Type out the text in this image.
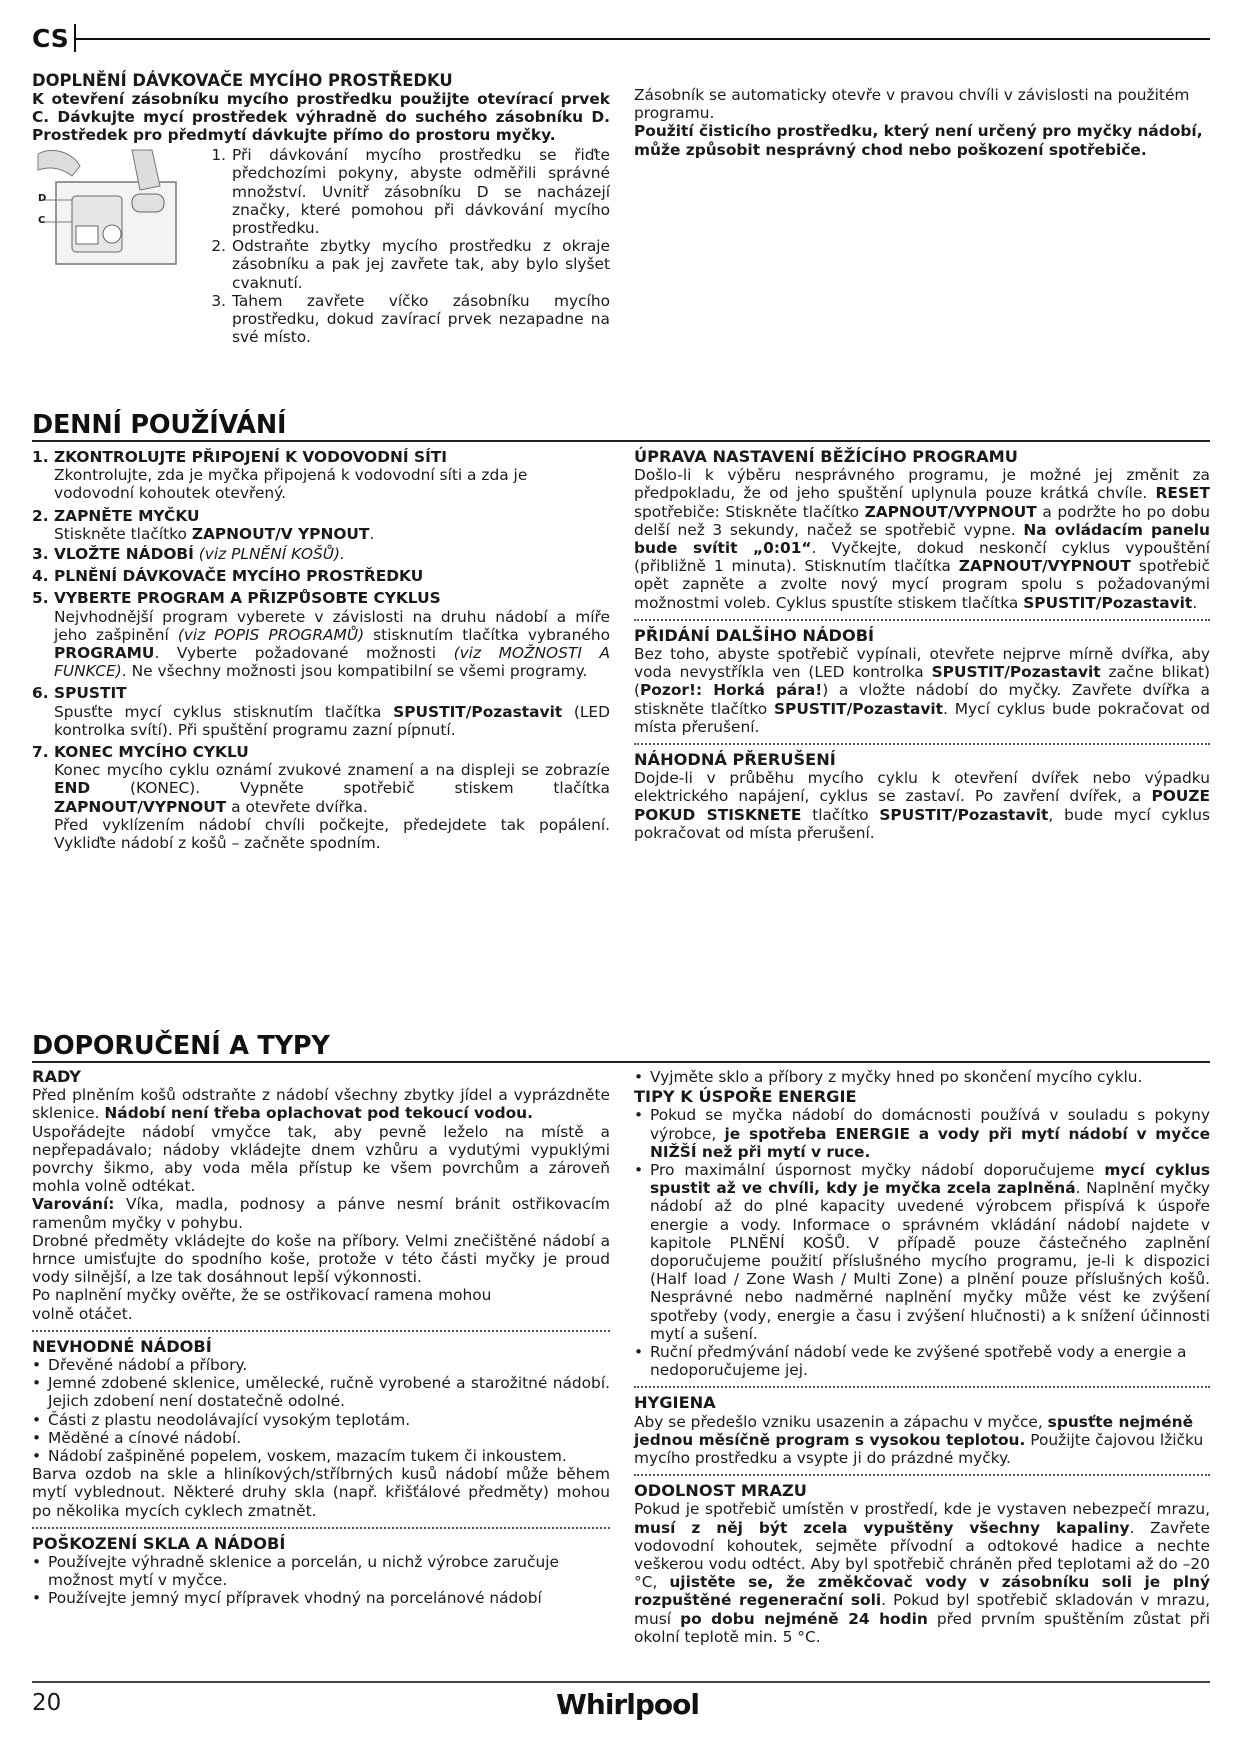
CS

DOPLNĚNÍ DÁVKOVAČE MYCÍHO PROSTŘEDKU

K otevření zásobníku mycího prostředku použijte otevírací prvek C. Dávkujte mycí prostředek výhradně do suchého zásobníku D. Prostředek pro předmytí dávkujte přímo do prostoru myčky.

D
C
1. Při dávkování mycího prostředku se řiďte předchozími pokyny, abyste odměřili správné množství. Uvnitř zásobníku D se nacházejí značky, které pomohou při dávkování mycího prostředku.
2. Odstraňte zbytky mycího prostředku z okraje zásobníku a pak jej zavřete tak, aby bylo slyšet cvaknutí.
3. Tahem zavřete víčko zásobníku mycího prostředku, dokud zavírací prvek nezapadne na své místo.

Zásobník se automaticky otevře v pravou chvíli v závislosti na použitém programu.

Použití čisticího prostředku, který není určený pro myčky nádobí, může způsobit nesprávný chod nebo poškození spotřebiče.

DENNÍ POUŽÍVÁNÍ
1. ZKONTROLUJTE PŘIPOJENÍ K VODOVODNÍ SÍTI

Zkontrolujte, zda je myčka připojená k vodovodní síti a zda je vodovodní kohoutek otevřený.

2. ZAPNĚTE MYČKU

Stiskněte tlačítko ZAPNOUT/V YPNOUT.

3. VLOŽTE NÁDOBÍ (viz PLNĚNÍ KOŠŮ).
4. PLNĚNÍ DÁVKOVAČE MYCÍHO PROSTŘEDKU
5. VYBERTE PROGRAM A PŘIZPŮSOBTE CYKLUS

Nejvhodnější program vyberete v závislosti na druhu nádobí a míře jeho zašpinění (viz POPIS PROGRAMŮ) stisknutím tlačítka vybraného PROGRAMU. Vyberte požadované možnosti (viz MOŽNOSTI A FUNKCE). Ne všechny možnosti jsou kompatibilní se všemi programy.

6. SPUSTIT

Spusťte mycí cyklus stisknutím tlačítka SPUSTIT/Pozastavit (LED kontrolka svítí). Při spuštění programu zazní pípnutí.

7. KONEC MYCÍHO CYKLU

Konec mycího cyklu oznámí zvukové znamení a na displeji se zobrazíe END (KONEC). Vypněte spotřebič stiskem tlačítka ZAPNOUT/VYPNOUT a otevřete dvířka.

Před vyklízením nádobí chvíli počkejte, předejdete tak popálení. Vykliďte nádobí z košů – začněte spodním.

ÚPRAVA NASTAVENÍ BĚŽÍCÍHO PROGRAMU

Došlo-li k výběru nesprávného programu, je možné jej změnit za předpokladu, že od jeho spuštění uplynula pouze krátká chvíle. RESET spotřebiče: Stiskněte tlačítko ZAPNOUT/VYPNOUT a podržte ho po dobu delší než 3 sekundy, načež se spotřebič vypne. Na ovládacím panelu bude svítit „0:01“. Vyčkejte, dokud neskončí cyklus vypouštění (přibližně 1 minuta). Stisknutím tlačítka ZAPNOUT/VYPNOUT spotřebič opět zapněte a zvolte nový mycí program spolu s požadovanými možnostmi voleb. Cyklus spustíte stiskem tlačítka SPUSTIT/Pozastavit.

PŘIDÁNÍ DALŠÍHO NÁDOBÍ

Bez toho, abyste spotřebič vypínali, otevřete nejprve mírně dvířka, aby voda nevystříkla ven (LED kontrolka SPUSTIT/Pozastavit začne blikat) (Pozor!: Horká pára!) a vložte nádobí do myčky. Zavřete dvířka a stiskněte tlačítko SPUSTIT/Pozastavit. Mycí cyklus bude pokračovat od místa přerušení.

NÁHODNÁ PŘERUŠENÍ

Dojde-li v průběhu mycího cyklu k otevření dvířek nebo výpadku elektrického napájení, cyklus se zastaví. Po zavření dvířek, a POUZE POKUD STISKNETE tlačítko SPUSTIT/Pozastavit, bude mycí cyklus pokračovat od místa přerušení.

DOPORUČENÍ A TYPY

RADY

Před plněním košů odstraňte z nádobí všechny zbytky jídel a vyprázdněte sklenice. Nádobí není třeba oplachovat pod tekoucí vodou.

Uspořádejte nádobí vmyčce tak, aby pevně leželo na místě a nepřepadávalo; nádoby vkládejte dnem vzhůru a vydutými vypuklými povrchy šikmo, aby voda měla přístup ke všem povrchům a zároveň mohla volně odtékat.

Varování: Víka, madla, podnosy a pánve nesmí bránit ostřikovacím ramenům myčky v pohybu.

Drobné předměty vkládejte do koše na příbory. Velmi znečištěné nádobí a hrnce umisťujte do spodního koše, protože v této části myčky je proud vody silnější, a lze tak dosáhnout lepší výkonnosti.

Po naplnění myčky ověřte, že se ostřikovací ramena mohou volně otáčet.

NEVHODNÉ NÁDOBÍ

• Dřevěné nádobí a příbory.
• Jemné zdobené sklenice, umělecké, ručně vyrobené a starožitné nádobí. Jejich zdobení není dostatečně odolné.
• Části z plastu neodolávající vysokým teplotám.
• Měděné a cínové nádobí.
• Nádobí zašpiněné popelem, voskem, mazacím tukem či inkoustem.

Barva ozdob na skle a hliníkových/stříbrných kusů nádobí může během mytí vyblednout. Některé druhy skla (např. křišťálové předměty) mohou po několika mycích cyklech zmatnět.

POŠKOZENÍ SKLA A NÁDOBÍ

• Používejte výhradně sklenice a porcelán, u nichž výrobce zaručuje možnost mytí v myčce.
• Používejte jemný mycí přípravek vhodný na porcelánové nádobí
• Vyjměte sklo a příbory z myčky hned po skončení mycího cyklu.

TIPY K ÚSPOŘE ENERGIE

• Pokud se myčka nádobí do domácnosti používá v souladu s pokyny výrobce, je spotřeba ENERGIE a vody při mytí nádobí v myčce NIŽŠÍ než při mytí v ruce.
• Pro maximální úspornost myčky nádobí doporučujeme mycí cyklus spustit až ve chvíli, kdy je myčka zcela zaplněná. Naplnění myčky nádobí až do plné kapacity uvedené výrobcem přispívá k úspoře energie a vody. Informace o správném vkládání nádobí najdete v kapitole PLNĚNÍ KOŠŮ. V případě pouze částečného zaplnění doporučujeme použití příslušného mycího programu, je-li k dispozici (Half load / Zone Wash / Multi Zone) a plnění pouze příslušných košů. Nesprávné nebo nadměrné naplnění myčky může vést ke zvýšení spotřeby (vody, energie a času i zvýšení hlučnosti) a k snížení účinnosti mytí a sušení.
• Ruční předmývání nádobí vede ke zvýšené spotřebě vody a energie a nedoporučujeme jej.

HYGIENA

Aby se předešlo vzniku usazenin a zápachu v myčce, spusťte nejméně jednou měsíčně program s vysokou teplotou. Použijte čajovou lžičku mycího prostředku a vsypte ji do prázdné myčky.

ODOLNOST MRAZU

Pokud je spotřebič umístěn v prostředí, kde je vystaven nebezpečí mrazu, musí z něj být zcela vypuštěny všechny kapaliny. Zavřete vodovodní kohoutek, sejměte přívodní a odtokové hadice a nechte veškerou vodu odtéct. Aby byl spotřebič chráněn před teplotami až do –20 °C, ujistěte se, že změkčovač vody v zásobníku soli je plný rozpuštěné regenerační soli. Pokud byl spotřebič skladován v mrazu, musí po dobu nejméně 24 hodin před prvním spuštěním zůstat při okolní teplotě min. 5 °C.

20	Whirlpool
